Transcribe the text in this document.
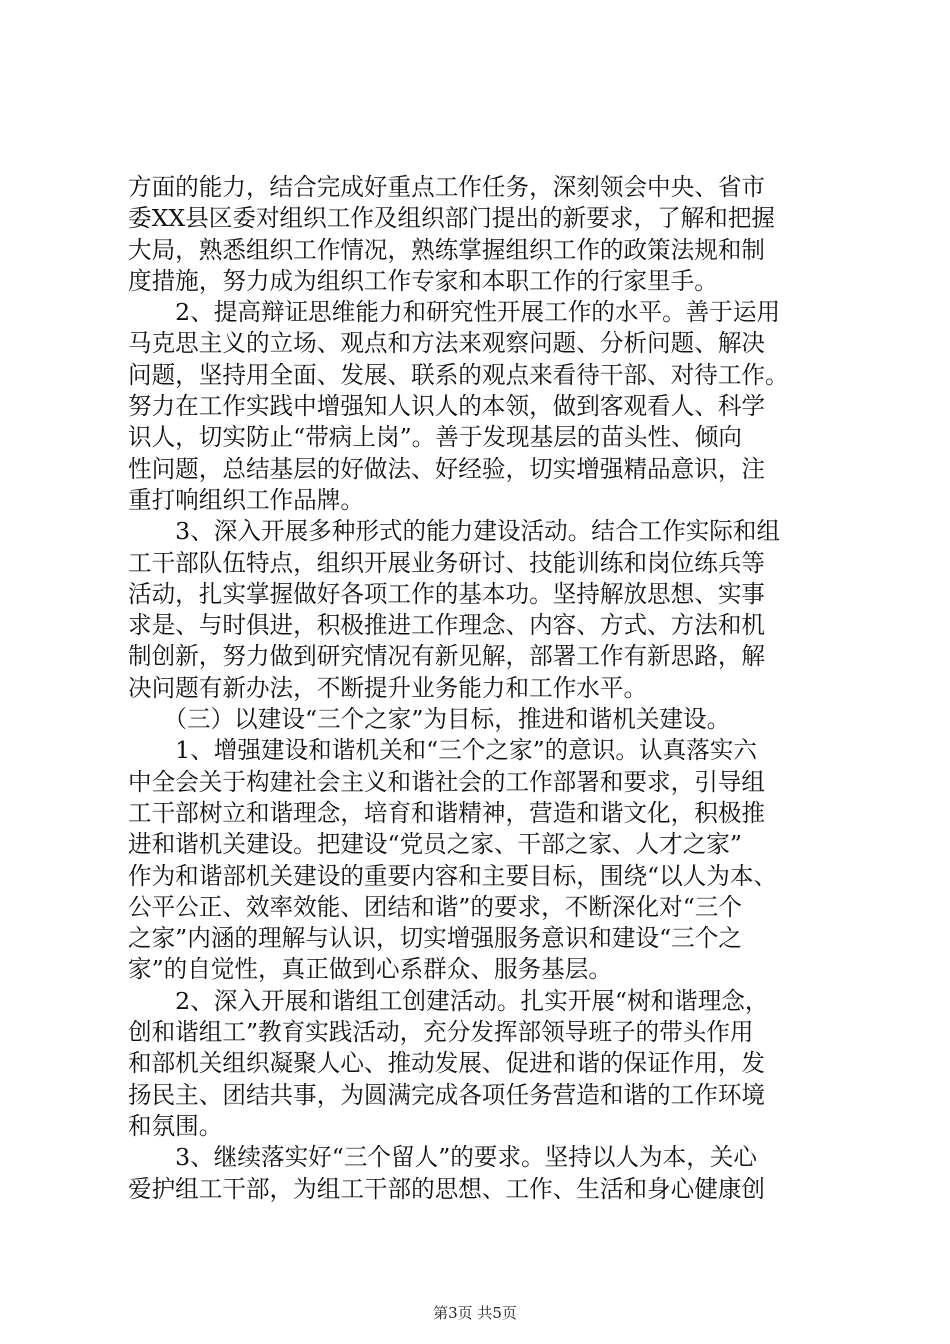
方面的能力，结合完成好重点工作任务，深刻领会中央、省市
委XX县区委对组织工作及组织部门提出的新要求，了解和把握
大局，熟悉组织工作情况，熟练掌握组织工作的政策法规和制
度措施，努力成为组织工作专家和本职工作的行家里手。
　　2、提高辩证思维能力和研究性开展工作的水平。善于运用
马克思主义的立场、观点和方法来观察问题、分析问题、解决
问题，坚持用全面、发展、联系的观点来看待干部、对待工作。
努力在工作实践中增强知人识人的本领，做到客观看人、科学
识人，切实防止“带病上岗”。善于发现基层的苗头性、倾向
性问题，总结基层的好做法、好经验，切实增强精品意识，注
重打响组织工作品牌。
　　3、深入开展多种形式的能力建设活动。结合工作实际和组
工干部队伍特点，组织开展业务研讨、技能训练和岗位练兵等
活动，扎实掌握做好各项工作的基本功。坚持解放思想、实事
求是、与时俱进，积极推进工作理念、内容、方式、方法和机
制创新，努力做到研究情况有新见解，部署工作有新思路，解
决问题有新办法，不断提升业务能力和工作水平。
　　（三）以建设“三个之家”为目标，推进和谐机关建设。
　　1、增强建设和谐机关和“三个之家”的意识。认真落实六
中全会关于构建社会主义和谐社会的工作部署和要求，引导组
工干部树立和谐理念，培育和谐精神，营造和谐文化，积极推
进和谐机关建设。把建设“党员之家、干部之家、人才之家”
作为和谐部机关建设的重要内容和主要目标，围绕“以人为本、
公平公正、效率效能、团结和谐”的要求，不断深化对“三个
之家”内涵的理解与认识，切实增强服务意识和建设“三个之
家”的自觉性，真正做到心系群众、服务基层。
　　2、深入开展和谐组工创建活动。扎实开展“树和谐理念，
创和谐组工”教育实践活动，充分发挥部领导班子的带头作用
和部机关组织凝聚人心、推动发展、促进和谐的保证作用，发
扬民主、团结共事，为圆满完成各项任务营造和谐的工作环境
和氛围。
　　3、继续落实好“三个留人”的要求。坚持以人为本，关心
爱护组工干部，为组工干部的思想、工作、生活和身心健康创
第3页 共5页
